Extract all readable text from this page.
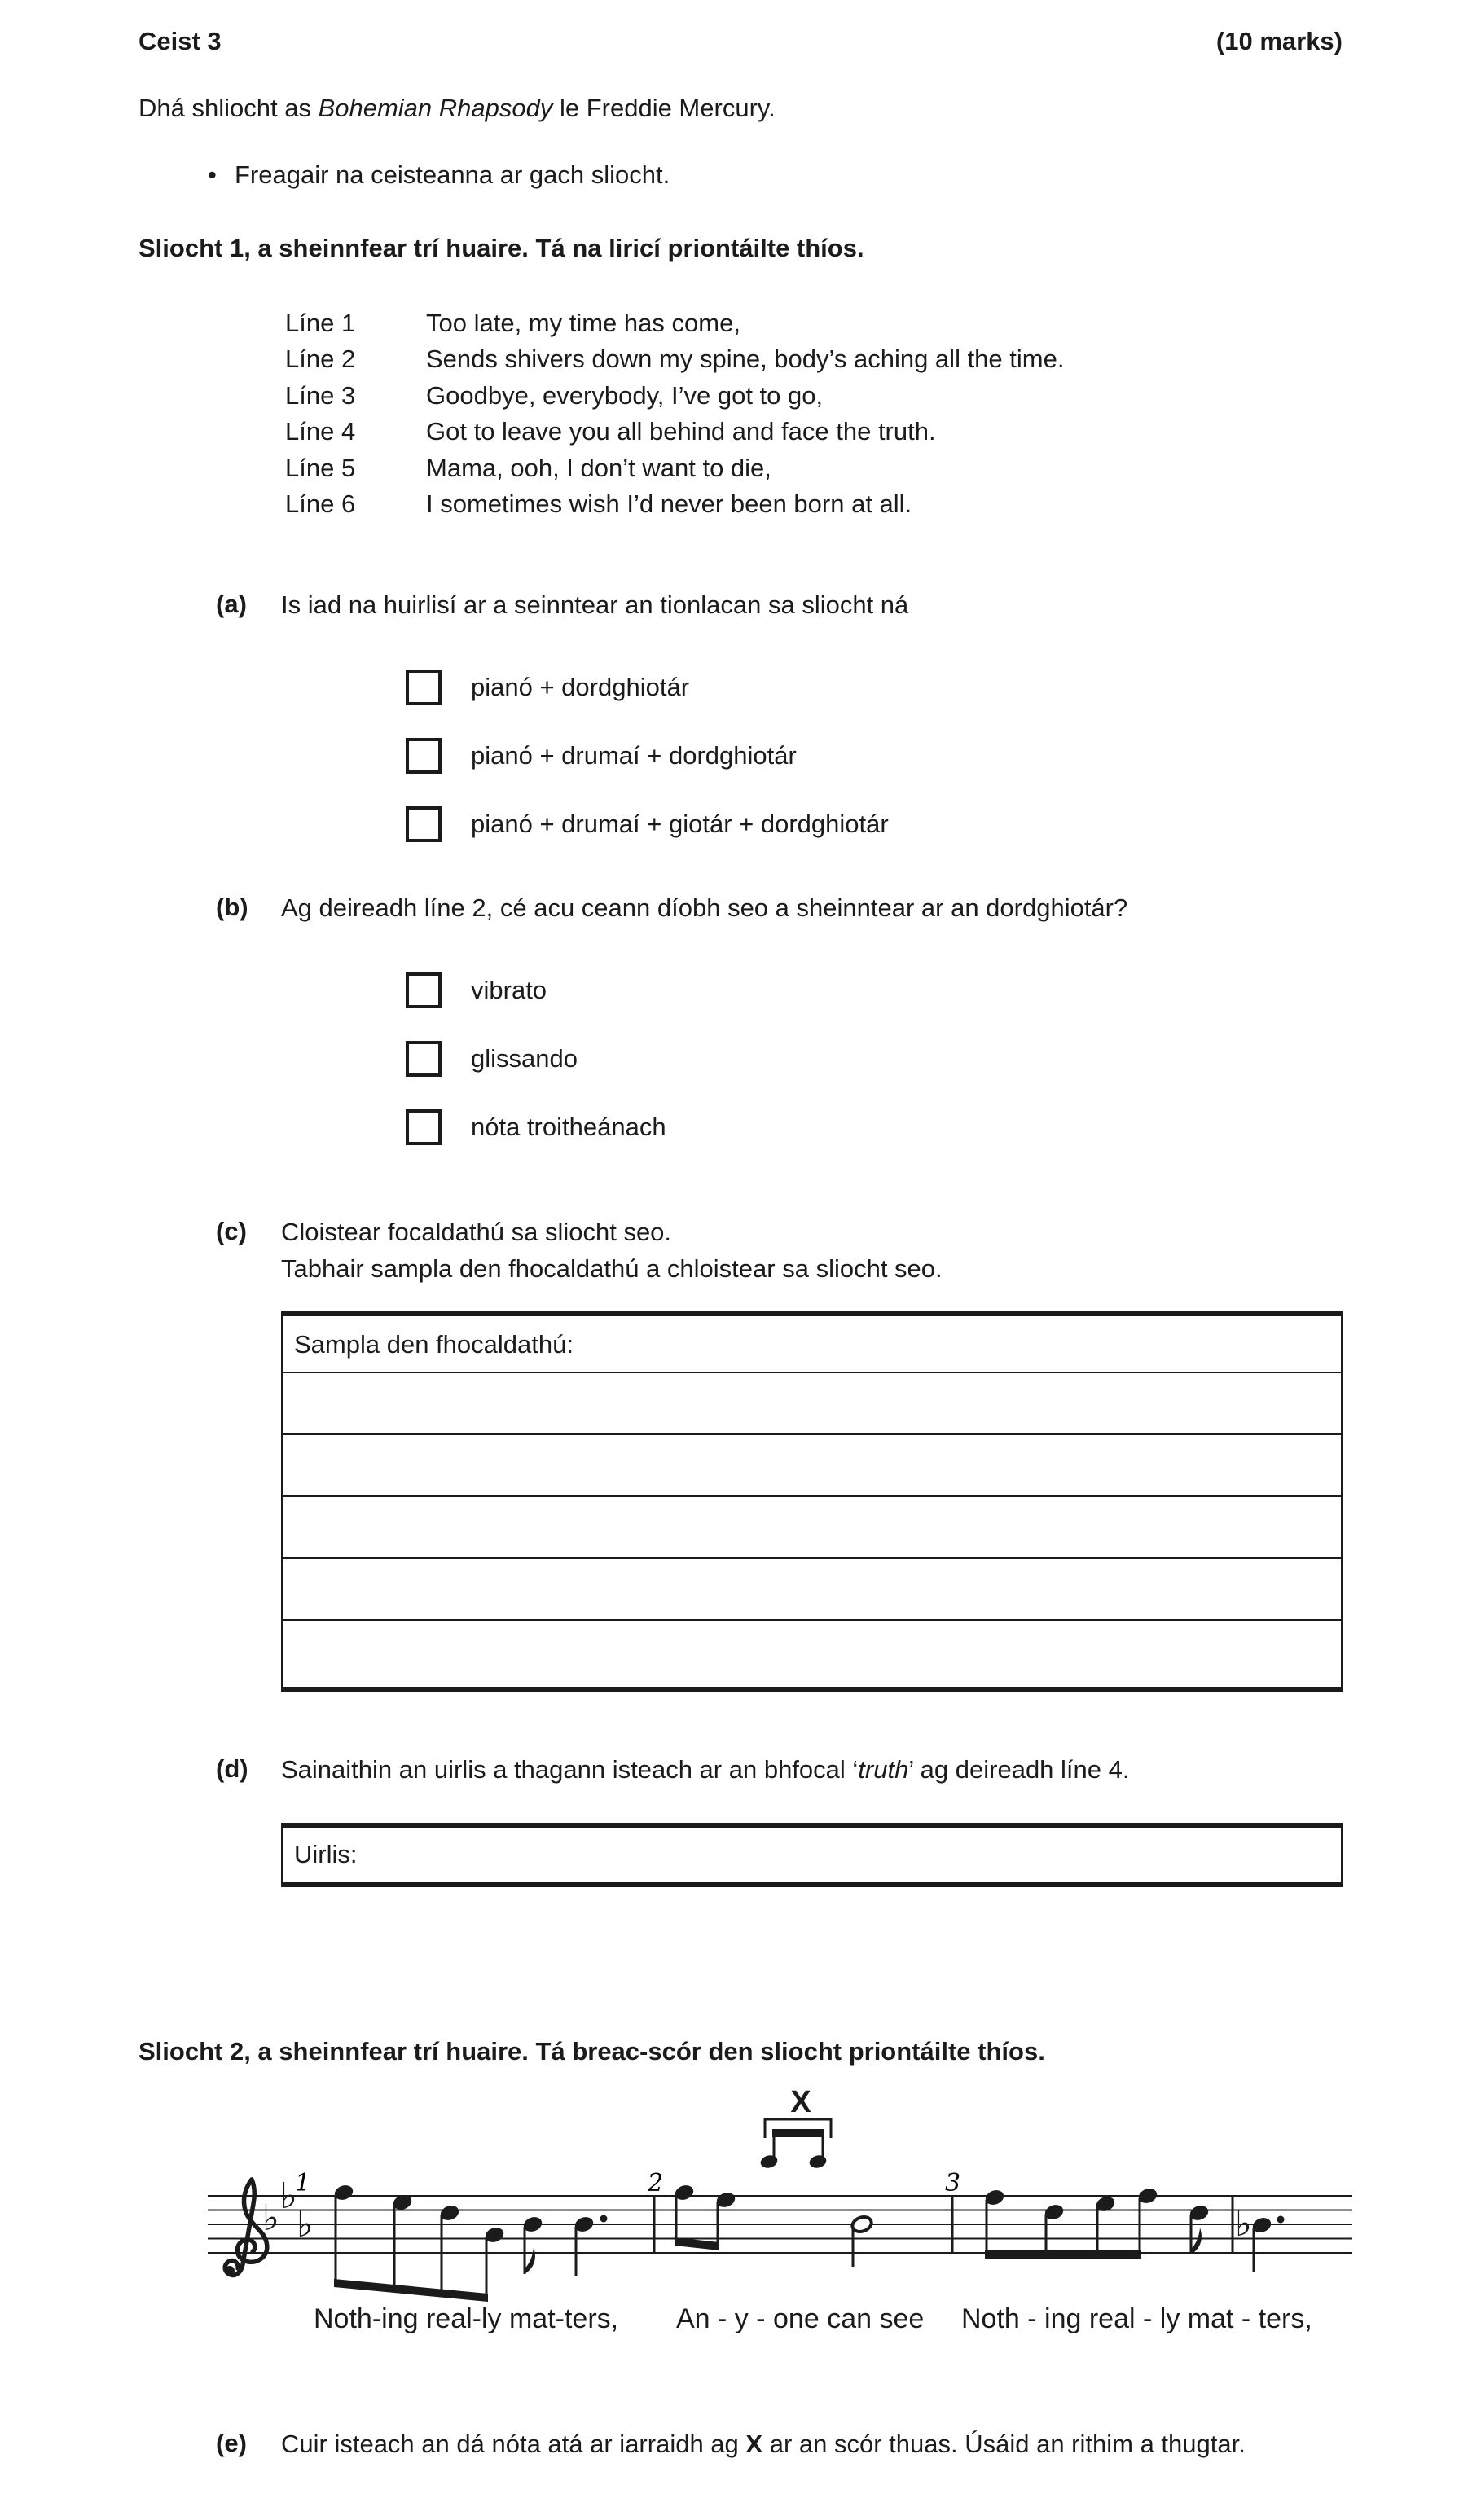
Ceist 3	(10 marks)
Dhá shliocht as Bohemian Rhapsody le Freddie Mercury.
• Freagair na ceisteanna ar gach sliocht.
Sliocht 1, a sheinnfear trí huaire. Tá na liricí priontáilte thíos.
Líne 1	Too late, my time has come,
Líne 2	Sends shivers down my spine, body’s aching all the time.
Líne 3	Goodbye, everybody, I’ve got to go,
Líne 4	Got to leave you all behind and face the truth.
Líne 5	Mama, ooh, I don’t want to die,
Líne 6	I sometimes wish I’d never been born at all.
(a) Is iad na huirlisí ar a seinntear an tionlacan sa sliocht ná
pianó + dordghiotár
pianó + drumaí + dordghiotár
pianó + drumaí + giotár + dordghiotár
(b) Ag deireadh líne 2, cé acu ceann díobh seo a sheinntear ar an dordghiotár?
vibrato
glissando
nóta troitheánach
(c) Cloistear focaldathú sa sliocht seo.
Tabhair sampla den fhocaldathú a chloistear sa sliocht seo.
Sampla den fhocaldathú:
(d) Sainaithin an uirlis a thagann isteach ar an bhfocal ‘truth’ ag deireadh líne 4.
Uirlis:
Sliocht 2, a sheinnfear trí huaire. Tá breac-scór den sliocht priontáilte thíos.
♭
♭
♭
1	2	3
X
♭
Noth-ing real-ly mat-ters, An - y - one can see Noth - ing real - ly mat - ters,
(e) Cuir isteach an dá nóta atá ar iarraidh ag X ar an scór thuas. Úsáid an rithim a thugtar.
